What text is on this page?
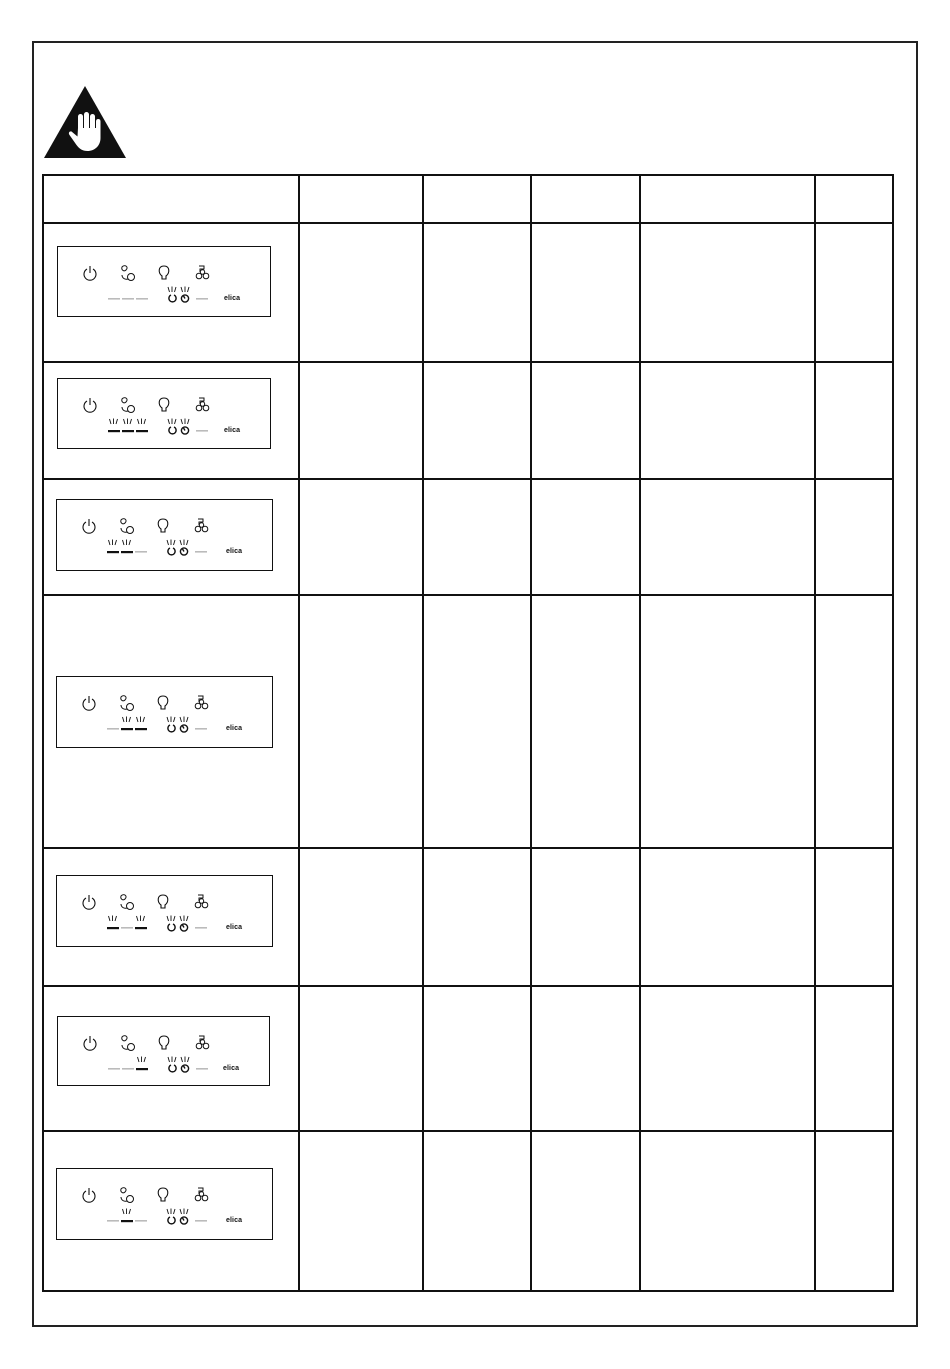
elica
elica
elica
elica
elica
elica
elica
